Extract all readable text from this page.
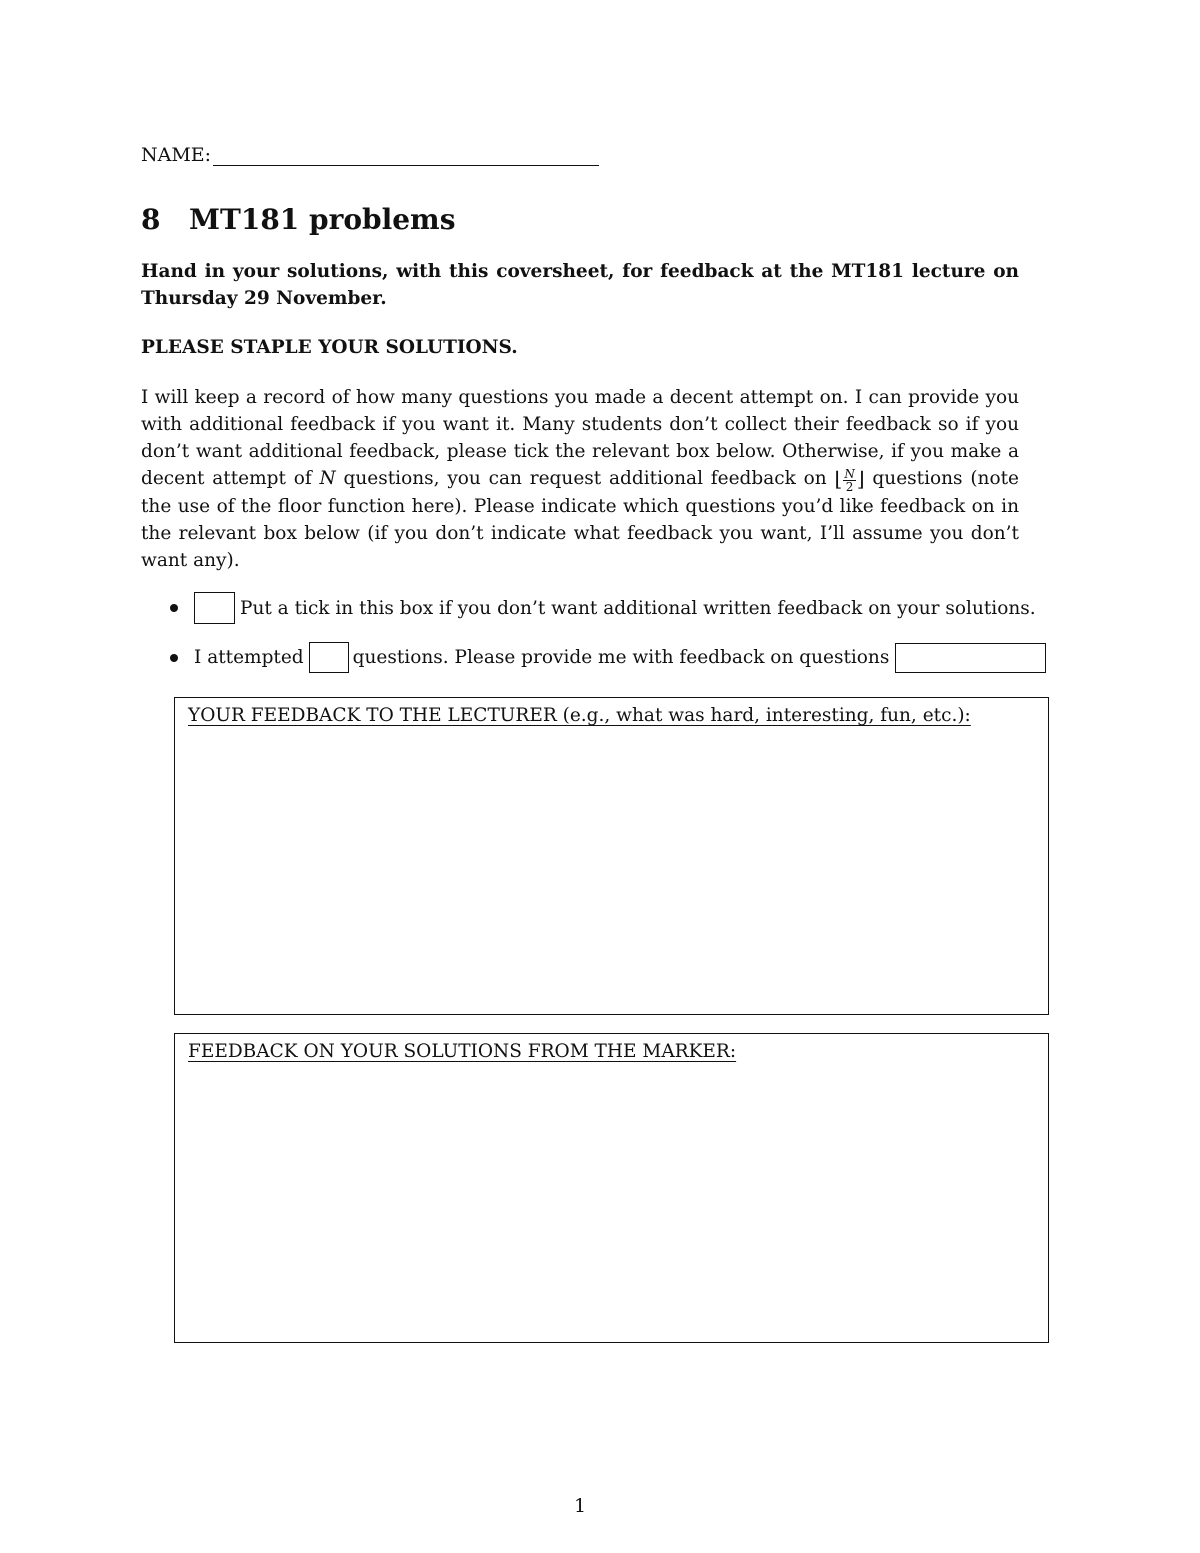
NAME:
8 MT181 problems
Hand in your solutions, with this coversheet, for feedback at the MT181 lecture on Thursday 29 November.
PLEASE STAPLE YOUR SOLUTIONS.
I will keep a record of how many questions you made a decent attempt on. I can provide you with additional feedback if you want it. Many students don’t collect their feedback so if you don’t want additional feedback, please tick the relevant box below. Otherwise, if you make a decent attempt of N questions, you can request additional feedback on ⌊ $\frac{N}{2}$ ⌋ questions (note the use of the floor function here). Please indicate which questions you’d like feedback on in the relevant box below (if you don’t indicate what feedback you want, I’ll assume you don’t want any).
Put a tick in this box if you don’t want additional written feedback on your solutions.
I attempted	questions. Please provide me with feedback on questions
YOUR FEEDBACK TO THE LECTURER (e.g., what was hard, interesting, fun, etc.):
FEEDBACK ON YOUR SOLUTIONS FROM THE MARKER:
1
